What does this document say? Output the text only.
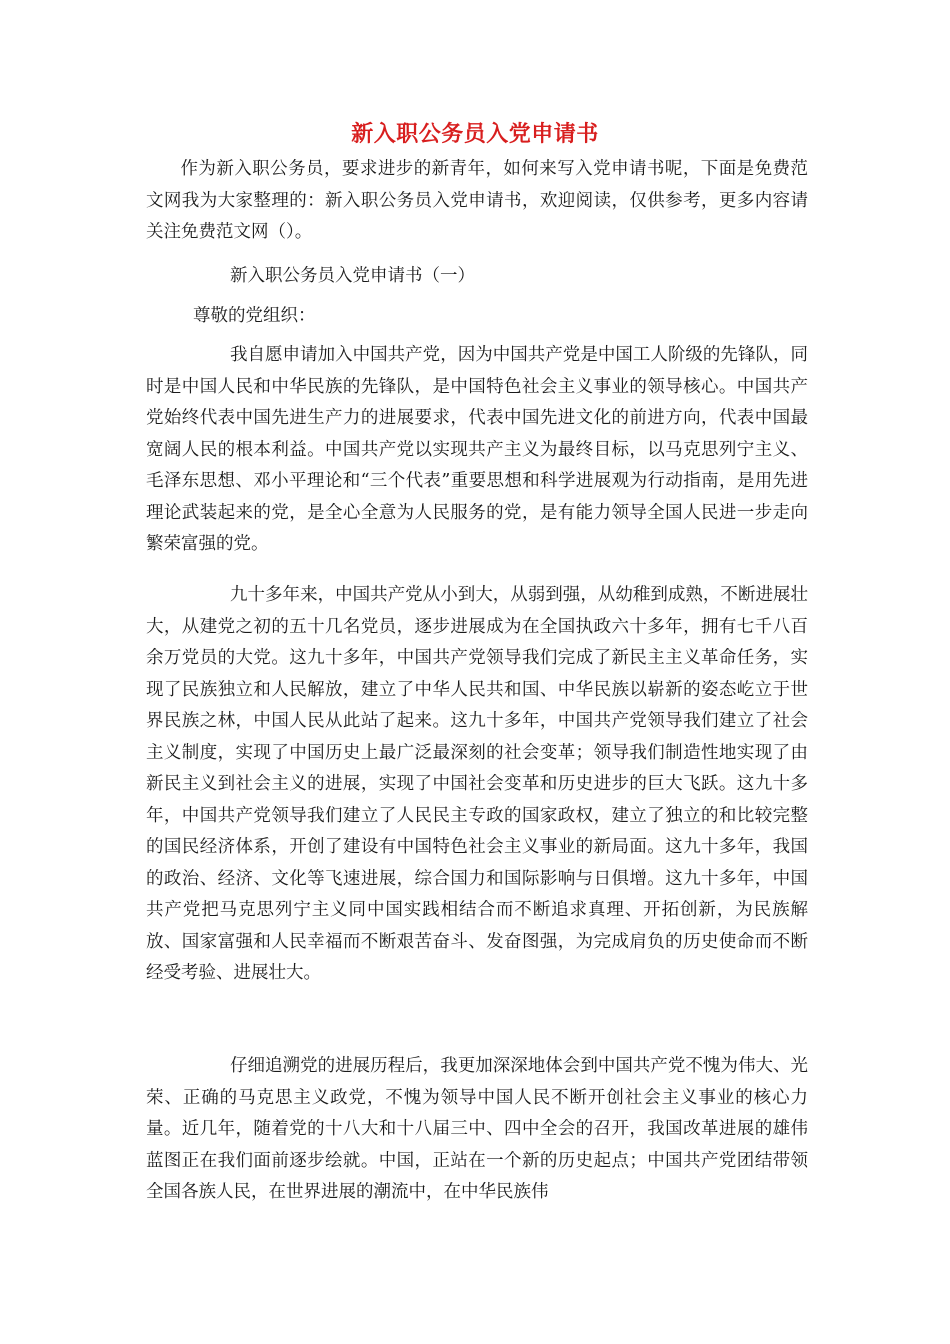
新入职公务员入党申请书
作为新入职公务员，要求进步的新青年，如何来写入党申请书呢，下面是免费范文网我为大家整理的：新入职公务员入党申请书，欢迎阅读，仅供参考，更多内容请关注免费范文网（）。
新入职公务员入党申请书（一）
尊敬的党组织：
我自愿申请加入中国共产党，因为中国共产党是中国工人阶级的先锋队，同时是中国人民和中华民族的先锋队，是中国特色社会主义事业的领导核心。中国共产党始终代表中国先进生产力的进展要求，代表中国先进文化的前进方向，代表中国最宽阔人民的根本利益。中国共产党以实现共产主义为最终目标，以马克思列宁主义、毛泽东思想、邓小平理论和“三个代表”重要思想和科学进展观为行动指南，是用先进理论武装起来的党，是全心全意为人民服务的党，是有能力领导全国人民进一步走向繁荣富强的党。
九十多年来，中国共产党从小到大，从弱到强，从幼稚到成熟，不断进展壮大，从建党之初的五十几名党员，逐步进展成为在全国执政六十多年，拥有七千八百余万党员的大党。这九十多年，中国共产党领导我们完成了新民主主义革命任务，实现了民族独立和人民解放，建立了中华人民共和国、中华民族以崭新的姿态屹立于世界民族之林，中国人民从此站了起来。这九十多年，中国共产党领导我们建立了社会主义制度，实现了中国历史上最广泛最深刻的社会变革；领导我们制造性地实现了由新民主义到社会主义的进展，实现了中国社会变革和历史进步的巨大飞跃。这九十多年，中国共产党领导我们建立了人民民主专政的国家政权，建立了独立的和比较完整的国民经济体系，开创了建设有中国特色社会主义事业的新局面。这九十多年，我国的政治、经济、文化等飞速进展，综合国力和国际影响与日俱增。这九十多年，中国共产党把马克思列宁主义同中国实践相结合而不断追求真理、开拓创新，为民族解放、国家富强和人民幸福而不断艰苦奋斗、发奋图强，为完成肩负的历史使命而不断经受考验、进展壮大。
仔细追溯党的进展历程后，我更加深深地体会到中国共产党不愧为伟大、光荣、正确的马克思主义政党，不愧为领导中国人民不断开创社会主义事业的核心力量。近几年，随着党的十八大和十八届三中、四中全会的召开，我国改革进展的雄伟蓝图正在我们面前逐步绘就。中国，正站在一个新的历史起点；中国共产党团结带领全国各族人民，在世界进展的潮流中，在中华民族伟
